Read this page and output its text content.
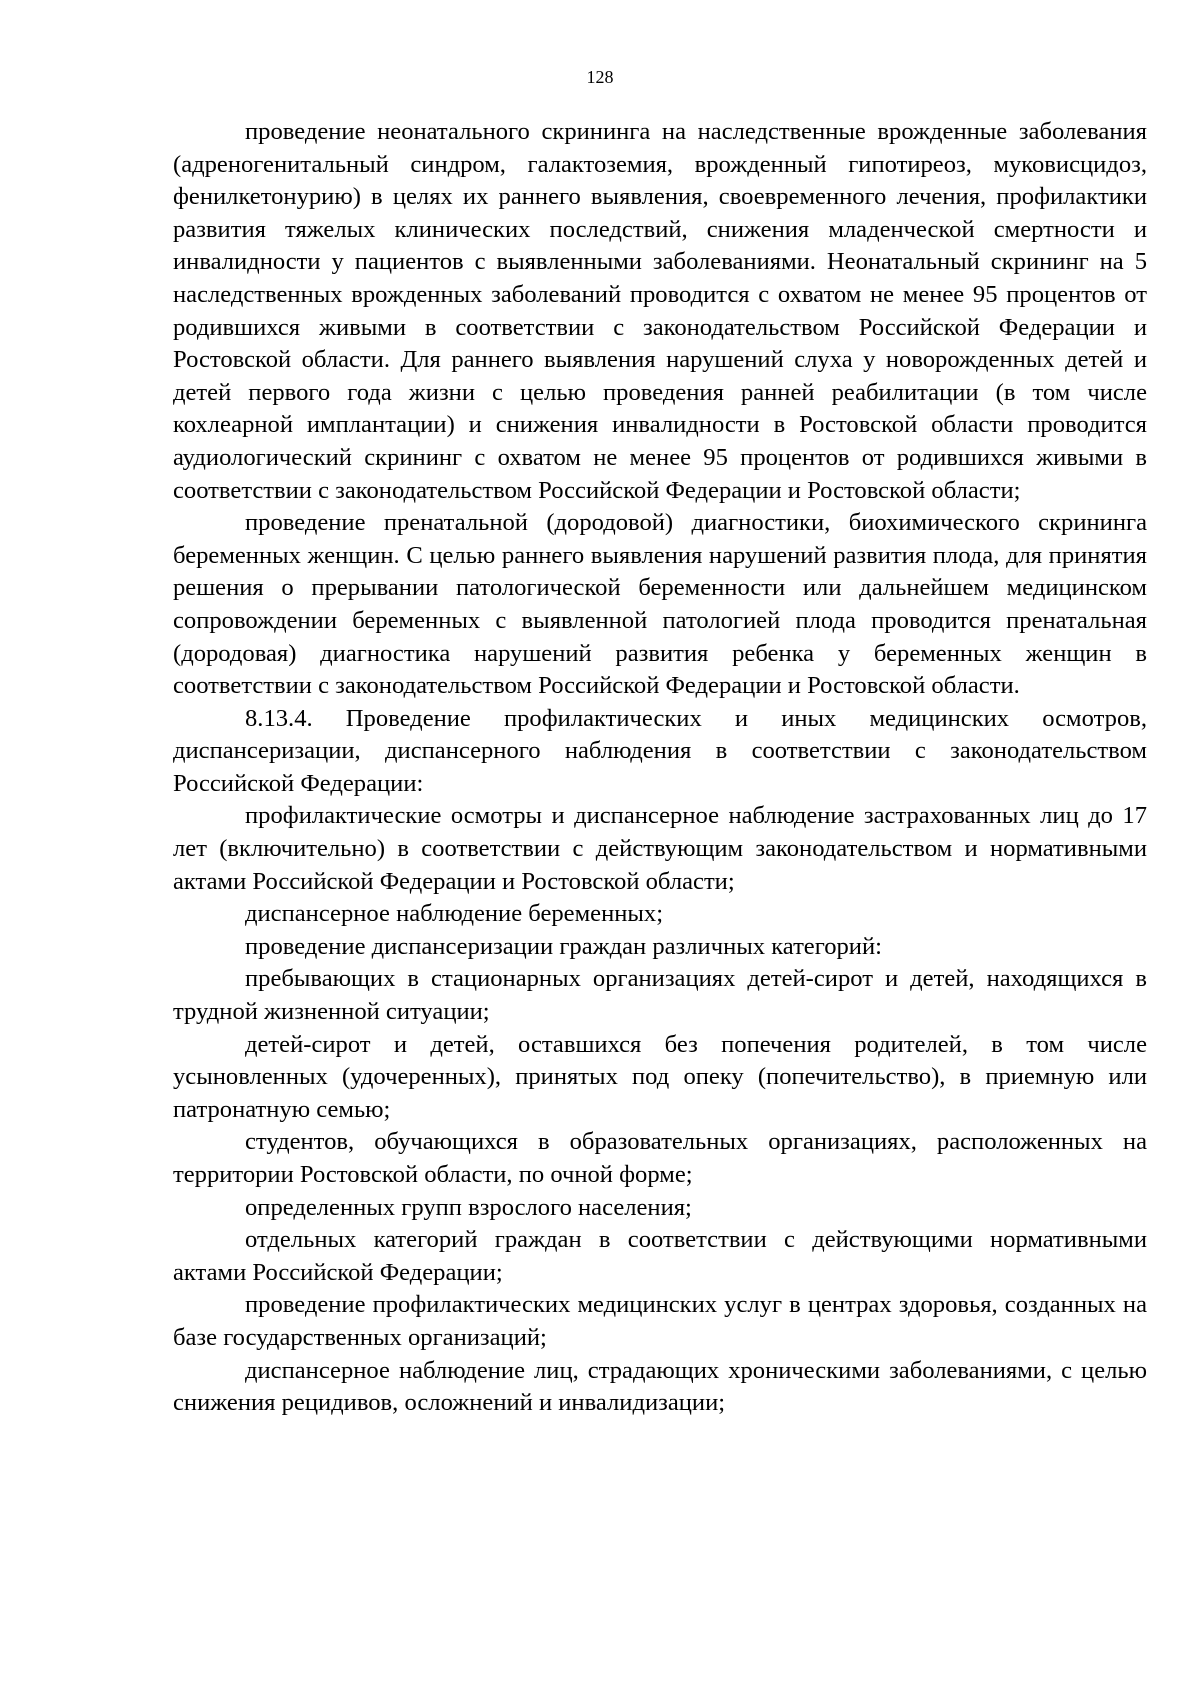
128

проведение неонатального скрининга на наследственные врожденные заболевания (адреногенитальный синдром, галактоземия, врожденный гипотиреоз, муковисцидоз, фенилкетонурию) в целях их раннего выявления, своевременного лечения, профилактики развития тяжелых клинических последствий, снижения младенческой смертности и инвалидности у пациентов с выявленными заболеваниями. Неонатальный скрининг на 5 наследственных врожденных заболеваний проводится с охватом не менее 95 процентов от родившихся живыми в соответствии с законодательством Российской Федерации и Ростовской области. Для раннего выявления нарушений слуха у новорожденных детей и детей первого года жизни с целью проведения ранней реабилитации (в том числе кохлеарной имплантации) и снижения инвалидности в Ростовской области проводится аудиологический скрининг с охватом не менее 95 процентов от родившихся живыми в соответствии с законодательством Российской Федерации и Ростовской области;

проведение пренатальной (дородовой) диагностики, биохимического скрининга беременных женщин. С целью раннего выявления нарушений развития плода, для принятия решения о прерывании патологической беременности или дальнейшем медицинском сопровождении беременных с выявленной патологией плода проводится пренатальная (дородовая) диагностика нарушений развития ребенка у беременных женщин в соответствии с законодательством Российской Федерации и Ростовской области.

8.13.4. Проведение профилактических и иных медицинских осмотров, диспансеризации, диспансерного наблюдения в соответствии с законодательством Российской Федерации:

профилактические осмотры и диспансерное наблюдение застрахованных лиц до 17 лет (включительно) в соответствии с действующим законодательством и нормативными актами Российской Федерации и Ростовской области;

диспансерное наблюдение беременных;

проведение диспансеризации граждан различных категорий:

пребывающих в стационарных организациях детей-сирот и детей, находящихся в трудной жизненной ситуации;

детей-сирот и детей, оставшихся без попечения родителей, в том числе усыновленных (удочеренных), принятых под опеку (попечительство), в приемную или патронатную семью;

студентов, обучающихся в образовательных организациях, расположенных на территории Ростовской области, по очной форме;

определенных групп взрослого населения;

отдельных категорий граждан в соответствии с действующими нормативными актами Российской Федерации;

проведение профилактических медицинских услуг в центрах здоровья, созданных на базе государственных организаций;

диспансерное наблюдение лиц, страдающих хроническими заболеваниями, с целью снижения рецидивов, осложнений и инвалидизации;
